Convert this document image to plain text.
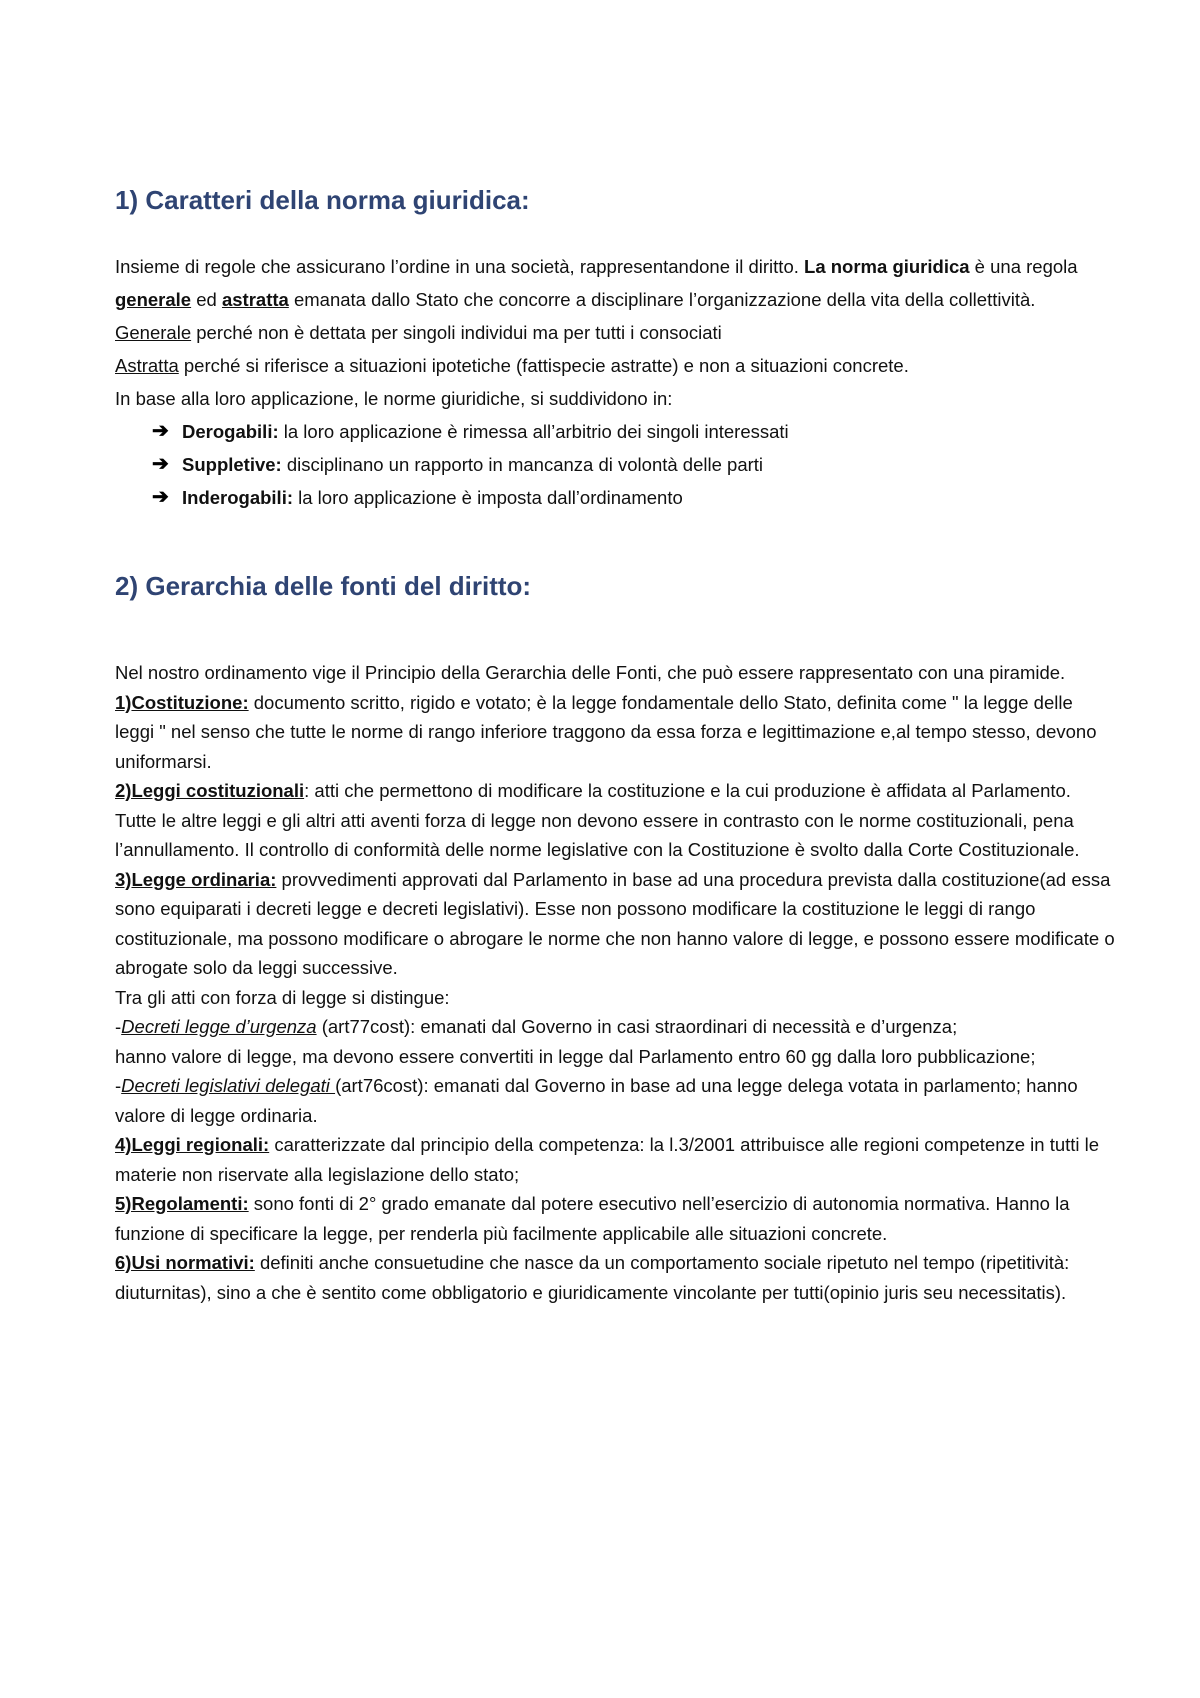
1) Caratteri della norma giuridica:

Insieme di regole che assicurano l’ordine in una società, rappresentandone il diritto. La norma giuridica è una regola generale ed astratta emanata dallo Stato che concorre a disciplinare l’organizzazione della vita della collettività.

Generale perché non è dettata per singoli individui ma per tutti i consociati

Astratta perché si riferisce a situazioni ipotetiche (fattispecie astratte) e non a situazioni concrete.

In base alla loro applicazione, le norme giuridiche, si suddividono in:

➔ Derogabili: la loro applicazione è rimessa all’arbitrio dei singoli interessati
➔ Suppletive: disciplinano un rapporto in mancanza di volontà delle parti
➔ Inderogabili: la loro applicazione è imposta dall’ordinamento
2) Gerarchia delle fonti del diritto:

Nel nostro ordinamento vige il Principio della Gerarchia delle Fonti, che può essere rappresentato con una piramide.

1)Costituzione: documento scritto, rigido e votato; è la legge fondamentale dello Stato, definita come " la legge delle leggi " nel senso che tutte le norme di rango inferiore traggono da essa forza e legittimazione e,al tempo stesso, devono uniformarsi.

2)Leggi costituzionali: atti che permettono di modificare la costituzione e la cui produzione è affidata al Parlamento. Tutte le altre leggi e gli altri atti aventi forza di legge non devono essere in contrasto con le norme costituzionali, pena l’annullamento. Il controllo di conformità delle norme legislative con la Costituzione è svolto dalla Corte Costituzionale.

3)Legge ordinaria: provvedimenti approvati dal Parlamento in base ad una procedura prevista dalla costituzione(ad essa sono equiparati i decreti legge e decreti legislativi). Esse non possono modificare la costituzione le leggi di rango costituzionale, ma possono modificare o abrogare le norme che non hanno valore di legge, e possono essere modificate o abrogate solo da leggi successive.

Tra gli atti con forza di legge si distingue:

-Decreti legge d’urgenza (art77cost): emanati dal Governo in casi straordinari di necessità e d’urgenza;

hanno valore di legge, ma devono essere convertiti in legge dal Parlamento entro 60 gg dalla loro pubblicazione;

-Decreti legislativi delegati (art76cost): emanati dal Governo in base ad una legge delega votata in parlamento; hanno valore di legge ordinaria.

4)Leggi regionali: caratterizzate dal principio della competenza: la l.3/2001 attribuisce alle regioni competenze in tutti le materie non riservate alla legislazione dello stato;

5)Regolamenti: sono fonti di 2° grado emanate dal potere esecutivo nell’esercizio di autonomia normativa. Hanno la funzione di specificare la legge, per renderla più facilmente applicabile alle situazioni concrete.

6)Usi normativi: definiti anche consuetudine che nasce da un comportamento sociale ripetuto nel tempo (ripetitività: diuturnitas), sino a che è sentito come obbligatorio e giuridicamente vincolante per tutti(opinio juris seu necessitatis).
